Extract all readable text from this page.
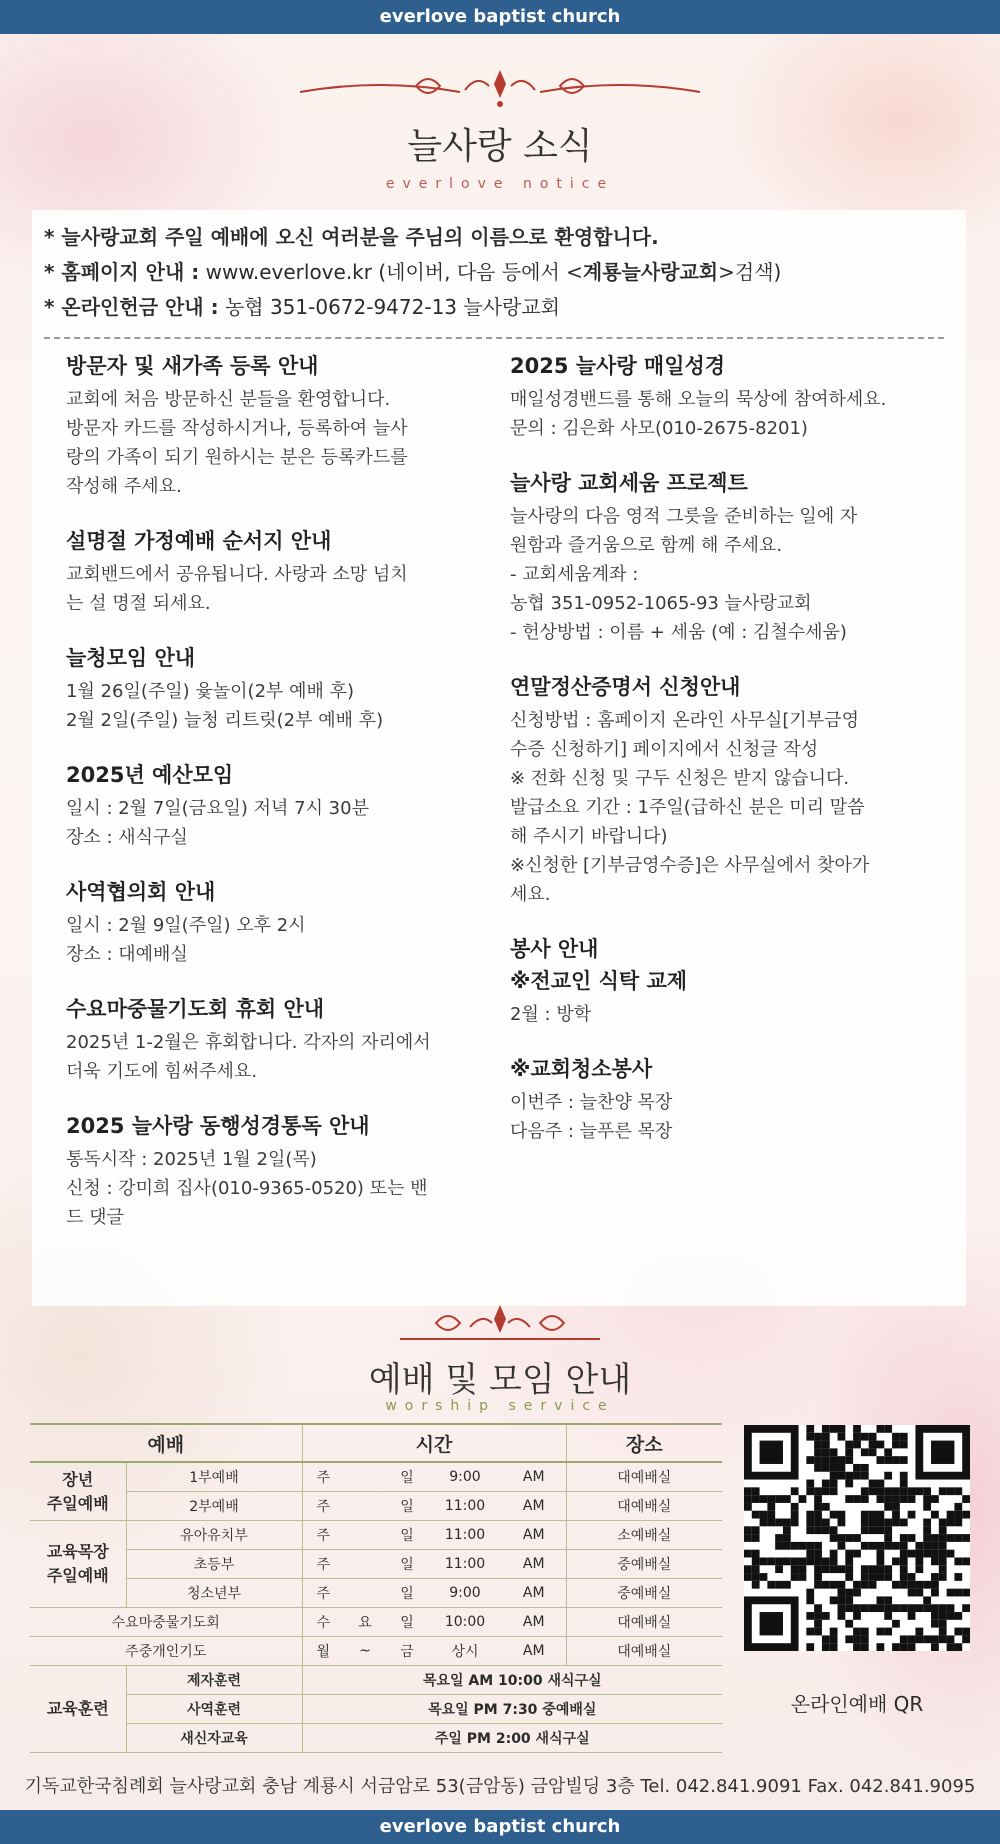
everlove baptist church
늘사랑 소식
everlove notice
* 늘사랑교회 주일 예배에 오신 여러분을 주님의 이름으로 환영합니다.
* 홈페이지 안내 : www.everlove.kr (네이버, 다음 등에서 <계룡늘사랑교회>검색)
* 온라인헌금 안내 : 농협 351-0672-9472-13 늘사랑교회
방문자 및 새가족 등록 안내

교회에 처음 방문하신 분들을 환영합니다.
방문자 카드를 작성하시거나, 등록하여 늘사
랑의 가족이 되기 원하시는 분은 등록카드를
작성해 주세요.

설명절 가정예배 순서지 안내

교회밴드에서 공유됩니다. 사랑과 소망 넘치
는 설 명절 되세요.

늘청모임 안내

1월 26일(주일) 윷놀이(2부 예배 후)
2월 2일(주일) 늘청 리트릿(2부 예배 후)

2025년 예산모임

일시 : 2월 7일(금요일) 저녁 7시 30분
장소 : 새식구실

사역협의회 안내

일시 : 2월 9일(주일) 오후 2시
장소 : 대예배실

수요마중물기도회 휴회 안내

2025년 1-2월은 휴회합니다. 각자의 자리에서
더욱 기도에 힘써주세요.

2025 늘사랑 동행성경통독 안내

통독시작 : 2025년 1월 2일(목)
신청 : 강미희 집사(010-9365-0520) 또는 밴
드 댓글

2025 늘사랑 매일성경

매일성경밴드를 통해 오늘의 묵상에 참여하세요.
문의 : 김은화 사모(010-2675-8201)

늘사랑 교회세움 프로젝트

늘사랑의 다음 영적 그릇을 준비하는 일에 자
원함과 즐거움으로 함께 해 주세요.
- 교회세움계좌 :
농협 351-0952-1065-93 늘사랑교회
- 헌상방법 : 이름 + 세움 (예 : 김철수세움)

연말정산증명서 신청안내

신청방법 : 홈페이지 온라인 사무실[기부금영
수증 신청하기] 페이지에서 신청글 작성
※ 전화 신청 및 구두 신청은 받지 않습니다.
발급소요 기간 : 1주일(급하신 분은 미리 말씀
해 주시기 바랍니다)
※신청한 [기부금영수증]은 사무실에서 찾아가
세요.

봉사 안내
※전교인 식탁 교제

2월 : 방학

※교회청소봉사

이번주 : 늘찬양 목장
다음주 : 늘푸른 목장

예배 및 모임 안내
worship service
예배		시간					장소
장년
주일예배	1부예배	주		일	9:00	AM	대예배실
	2부예배	주		일	11:00	AM	대예배실
교육목장
주일예배	유아유치부	주		일	11:00	AM	소예배실
	초등부	주		일	11:00	AM	중예배실
	청소년부	주		일	9:00	AM	중예배실
수요마중물기도회		수	요	일	10:00	AM	대예배실
주중개인기도		월	~	금	상시	AM	대예배실
교육훈련	제자훈련	목요일 AM 10:00 새식구실					
	사역훈련	목요일 PM 7:30 중예배실					
	새신자교육	주일 PM 2:00 새식구실					
온라인예배 QR
기독교한국침례회 늘사랑교회 충남 계룡시 서금암로 53(금암동) 금암빌딩 3층 Tel. 042.841.9091 Fax. 042.841.9095
everlove baptist church
